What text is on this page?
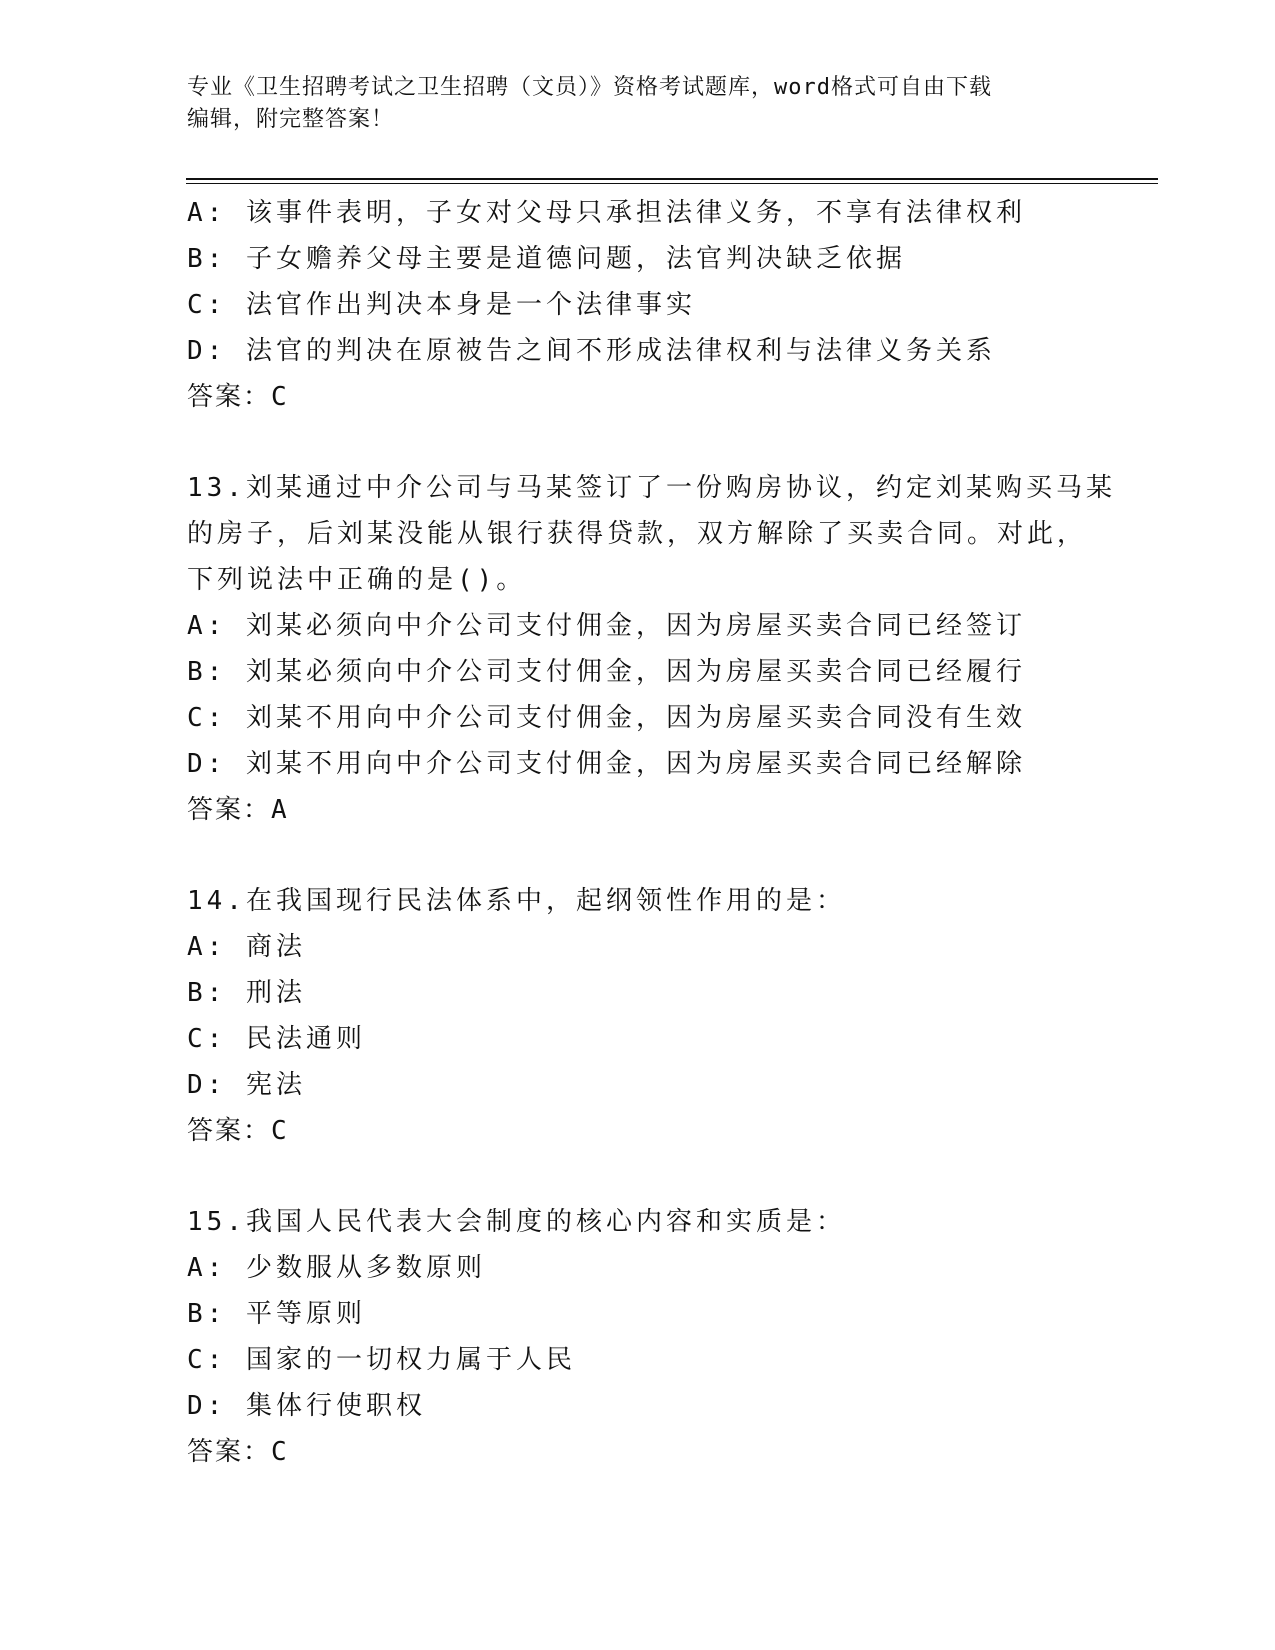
专业《卫生招聘考试之卫生招聘（文员）》资格考试题库，word格式可自由下载
编辑，附完整答案！
A: 该事件表明，子女对父母只承担法律义务，不享有法律权利
B: 子女赡养父母主要是道德问题，法官判决缺乏依据
C: 法官作出判决本身是一个法律事实
D: 法官的判决在原被告之间不形成法律权利与法律义务关系
答案：C
13.刘某通过中介公司与马某签订了一份购房协议，约定刘某购买马某
的房子，后刘某没能从银行获得贷款，双方解除了买卖合同。对此，
下列说法中正确的是()。
A: 刘某必须向中介公司支付佣金，因为房屋买卖合同已经签订
B: 刘某必须向中介公司支付佣金，因为房屋买卖合同已经履行
C: 刘某不用向中介公司支付佣金，因为房屋买卖合同没有生效
D: 刘某不用向中介公司支付佣金，因为房屋买卖合同已经解除
答案：A
14.在我国现行民法体系中，起纲领性作用的是：
A: 商法
B: 刑法
C: 民法通则
D: 宪法
答案：C
15.我国人民代表大会制度的核心内容和实质是：
A: 少数服从多数原则
B: 平等原则
C: 国家的一切权力属于人民
D: 集体行使职权
答案：C
